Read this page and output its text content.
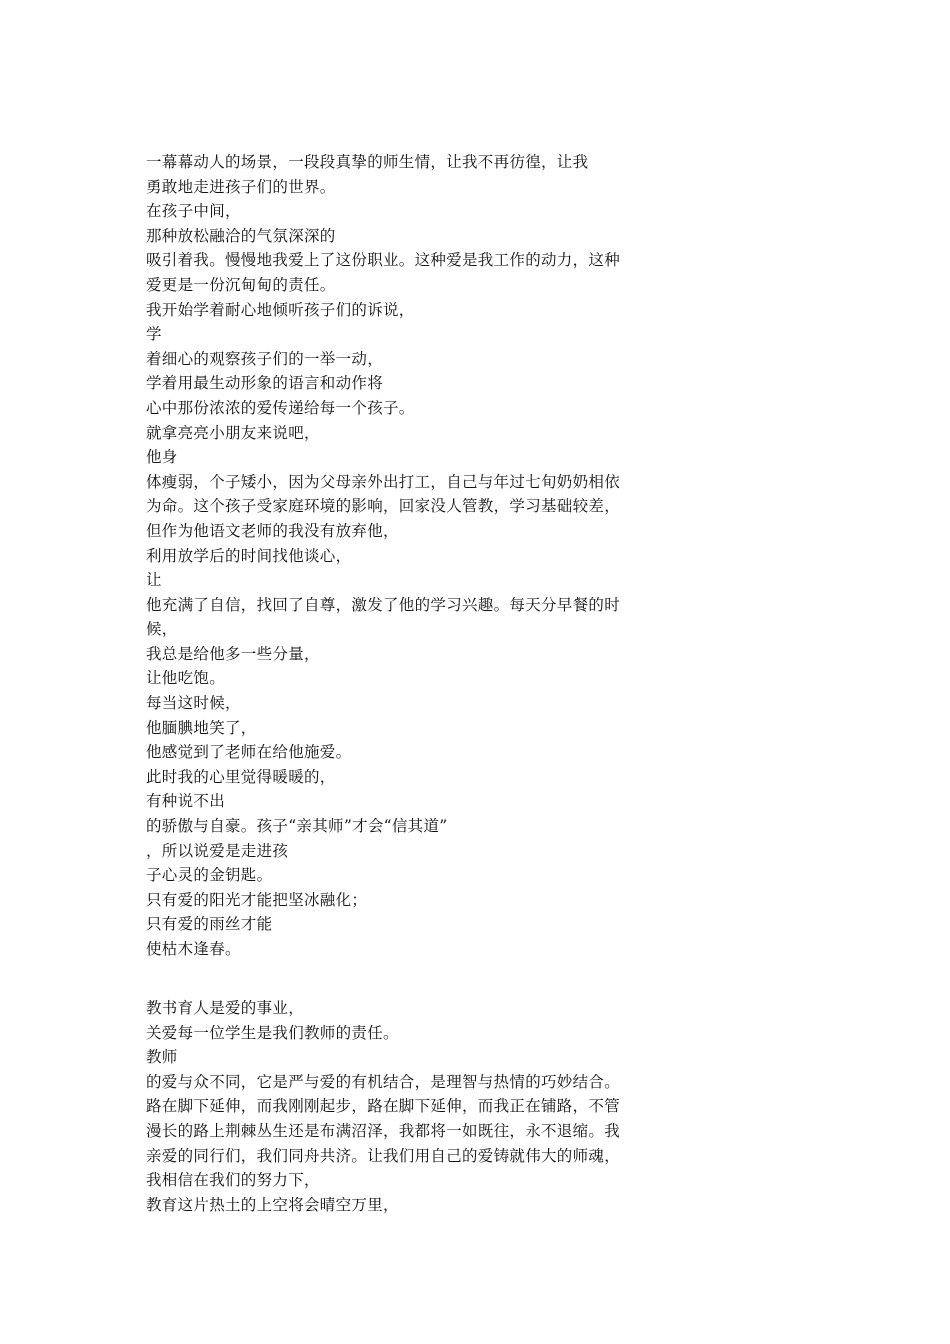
一幕幕动人的场景，一段段真挚的师生情，让我不再彷徨，让我
勇敢地走进孩子们的世界。
在孩子中间，
那种放松融洽的气氛深深的
吸引着我。慢慢地我爱上了这份职业。这种爱是我工作的动力，这种
爱更是一份沉甸甸的责任。
我开始学着耐心地倾听孩子们的诉说，
学
着细心的观察孩子们的一举一动，
学着用最生动形象的语言和动作将
心中那份浓浓的爱传递给每一个孩子。
就拿亮亮小朋友来说吧，
他身
体瘦弱，个子矮小，因为父母亲外出打工，自己与年过七旬奶奶相依
为命。这个孩子受家庭环境的影响，回家没人管教，学习基础较差，
但作为他语文老师的我没有放弃他，
利用放学后的时间找他谈心，
让
他充满了自信，找回了自尊，激发了他的学习兴趣。每天分早餐的时
候，
我总是给他多一些分量，
让他吃饱。
每当这时候，
他腼腆地笑了，
他感觉到了老师在给他施爱。
此时我的心里觉得暖暖的，
有种说不出
的骄傲与自豪。孩子“亲其师”才会“信其道”
，所以说爱是走进孩
子心灵的金钥匙。
只有爱的阳光才能把坚冰融化；
只有爱的雨丝才能
使枯木逢春。
教书育人是爱的事业，
关爱每一位学生是我们教师的责任。
教师
的爱与众不同，它是严与爱的有机结合，是理智与热情的巧妙结合。
路在脚下延伸，而我刚刚起步，路在脚下延伸，而我正在铺路，不管
漫长的路上荆棘丛生还是布满沼泽，我都将一如既往，永不退缩。我
亲爱的同行们，我们同舟共济。让我们用自己的爱铸就伟大的师魂，
我相信在我们的努力下，
教育这片热土的上空将会晴空万里，
